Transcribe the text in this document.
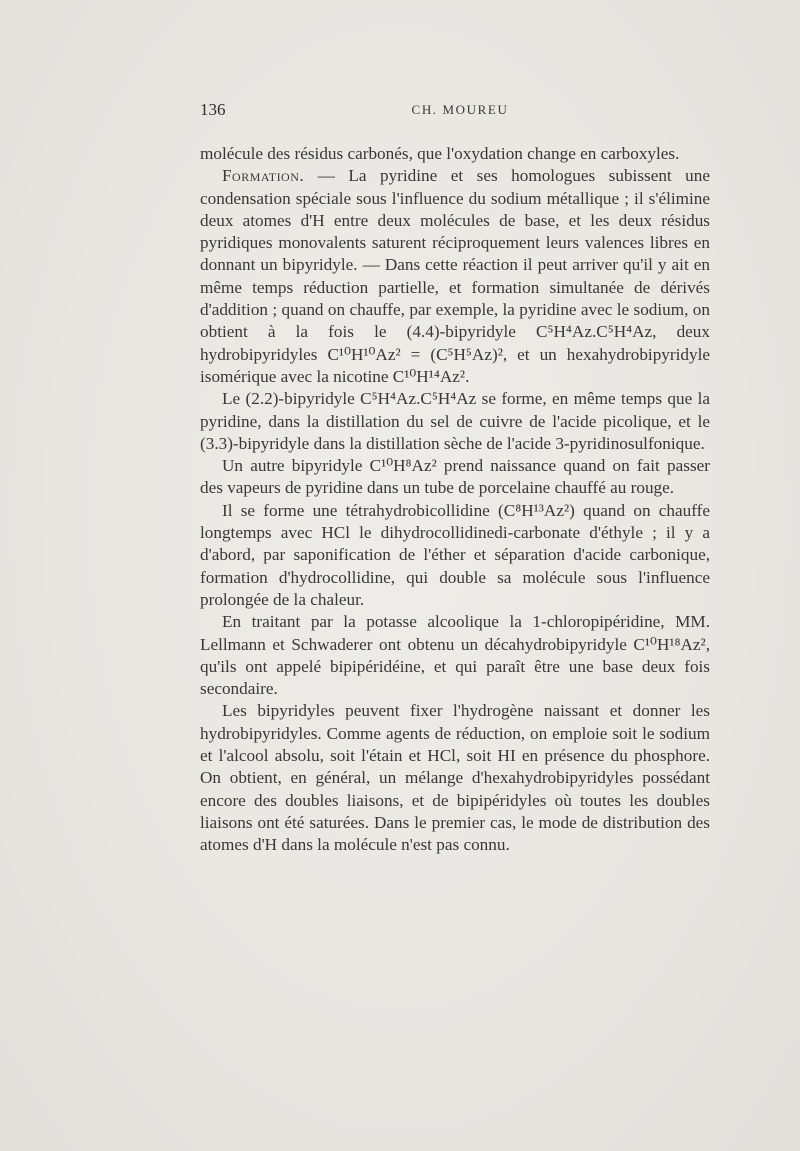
136	CH. MOUREU

molécule des résidus carbonés, que l'oxydation change en carboxyles.

Formation. — La pyridine et ses homologues subissent une condensation spéciale sous l'influence du sodium métallique ; il s'élimine deux atomes d'H entre deux molécules de base, et les deux résidus pyridiques monovalents saturent réciproquement leurs valences libres en donnant un bipyridyle. — Dans cette réaction il peut arriver qu'il y ait en même temps réduction partielle, et formation simultanée de dérivés d'addition ; quand on chauffe, par exemple, la pyridine avec le sodium, on obtient à la fois le (4.4)-bipyridyle C⁵H⁴Az.C⁵H⁴Az, deux hydrobipyridyles C¹⁰H¹⁰Az² = (C⁵H⁵Az)², et un hexahydrobipyridyle isomérique avec la nicotine C¹⁰H¹⁴Az².

Le (2.2)-bipyridyle C⁵H⁴Az.C⁵H⁴Az se forme, en même temps que la pyridine, dans la distillation du sel de cuivre de l'acide picolique, et le (3.3)-bipyridyle dans la distillation sèche de l'acide 3-pyridinosulfonique.

Un autre bipyridyle C¹⁰H⁸Az² prend naissance quand on fait passer des vapeurs de pyridine dans un tube de porcelaine chauffé au rouge.

Il se forme une tétrahydrobicollidine (C⁸H¹³Az²) quand on chauffe longtemps avec HCl le dihydrocollidinedi-carbonate d'éthyle ; il y a d'abord, par saponification de l'éther et séparation d'acide carbonique, formation d'hydrocollidine, qui double sa molécule sous l'influence prolongée de la chaleur.

En traitant par la potasse alcoolique la 1-chloropipéridine, MM. Lellmann et Schwaderer ont obtenu un décahydrobipyridyle C¹⁰H¹⁸Az², qu'ils ont appelé bipipéridéine, et qui paraît être une base deux fois secondaire.

Les bipyridyles peuvent fixer l'hydrogène naissant et donner les hydrobipyridyles. Comme agents de réduction, on emploie soit le sodium et l'alcool absolu, soit l'étain et HCl, soit HI en présence du phosphore. On obtient, en général, un mélange d'hexahydrobipyridyles possédant encore des doubles liaisons, et de bipipéridyles où toutes les doubles liaisons ont été saturées. Dans le premier cas, le mode de distribution des atomes d'H dans la molécule n'est pas connu.
